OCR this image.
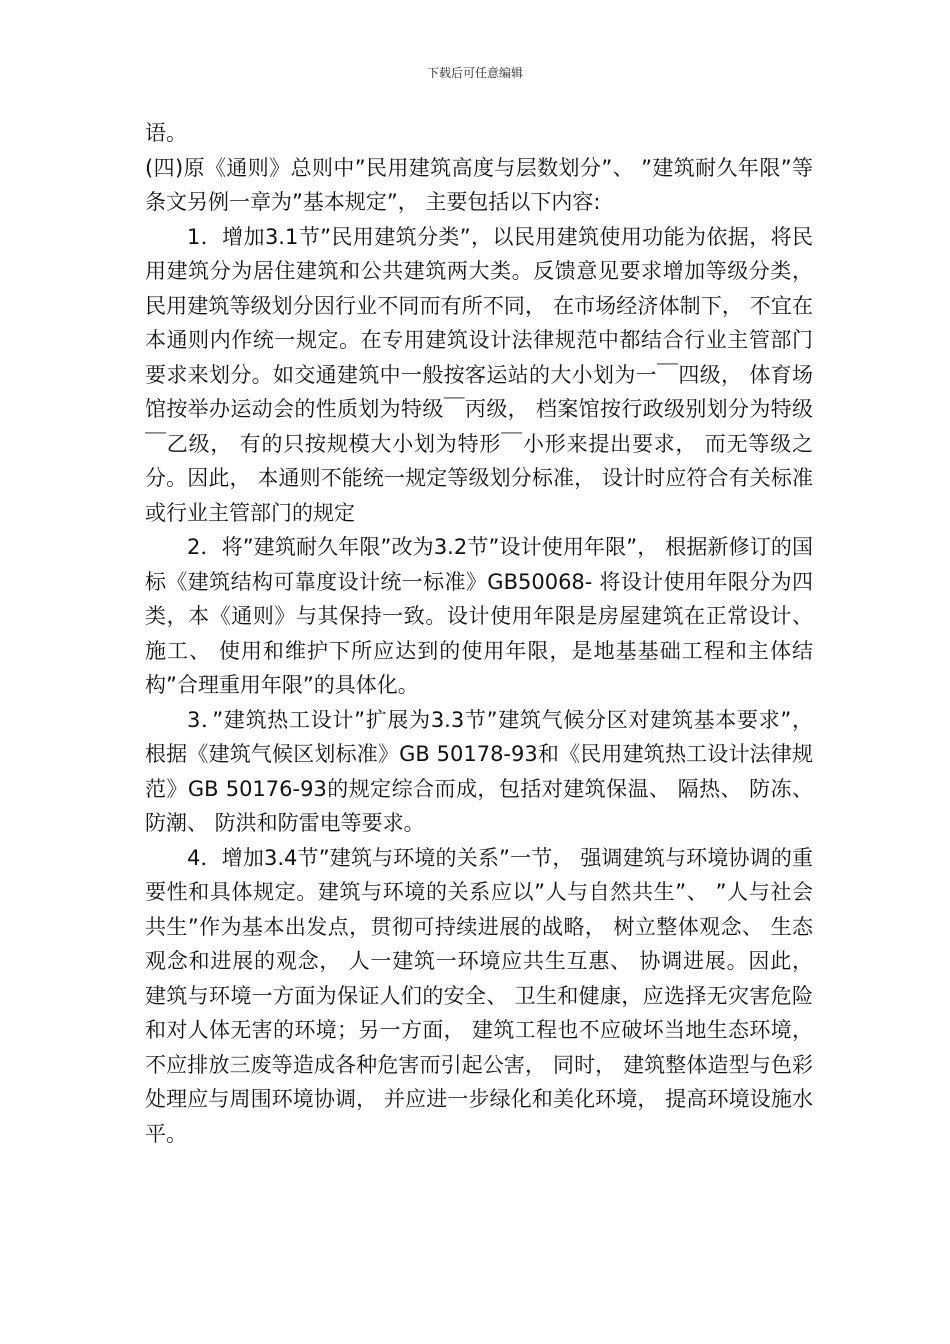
下载后可任意编辑

语。

(四)原《通则》总则中”民用建筑高度与层数划分”、 ”建筑耐久年限”等条文另例一章为”基本规定”， 主要包括以下内容:

1．增加3.1节”民用建筑分类”，以民用建筑使用功能为依据，将民用建筑分为居住建筑和公共建筑两大类。反馈意见要求增加等级分类，民用建筑等级划分因行业不同而有所不同， 在市场经济体制下， 不宜在本通则内作统一规定。在专用建筑设计法律规范中都结合行业主管部门要求来划分。如交通建筑中一般按客运站的大小划为一￣四级， 体育场馆按举办运动会的性质划为特级￣丙级， 档案馆按行政级别划分为特级￣乙级， 有的只按规模大小划为特形￣小形来提出要求， 而无等级之分。因此， 本通则不能统一规定等级划分标准， 设计时应符合有关标准或行业主管部门的规定

2．将”建筑耐久年限”改为3.2节”设计使用年限”， 根据新修订的国标《建筑结构可靠度设计统一标准》GB50068- 将设计使用年限分为四类，本《通则》与其保持一致。设计使用年限是房屋建筑在正常设计、 施工、 使用和维护下所应达到的使用年限，是地基基础工程和主体结构”合理重用年限”的具体化。

3．”建筑热工设计”扩展为3.3节”建筑气候分区对建筑基本要求”， 根据《建筑气候区划标准》GB 50178-93和《民用建筑热工设计法律规范》GB 50176-93的规定综合而成，包括对建筑保温、 隔热、 防冻、 防潮、 防洪和防雷电等要求。

4．增加3.4节”建筑与环境的关系”一节， 强调建筑与环境协调的重要性和具体规定。建筑与环境的关系应以”人与自然共生”、 ”人与社会共生”作为基本出发点，贯彻可持续进展的战略， 树立整体观念、 生态观念和进展的观念， 人一建筑一环境应共生互惠、 协调进展。因此， 建筑与环境一方面为保证人们的安全、 卫生和健康，应选择无灾害危险和对人体无害的环境；另一方面， 建筑工程也不应破坏当地生态环境， 不应排放三废等造成各种危害而引起公害， 同时， 建筑整体造型与色彩处理应与周围环境协调， 并应进一步绿化和美化环境， 提高环境设施水平。
